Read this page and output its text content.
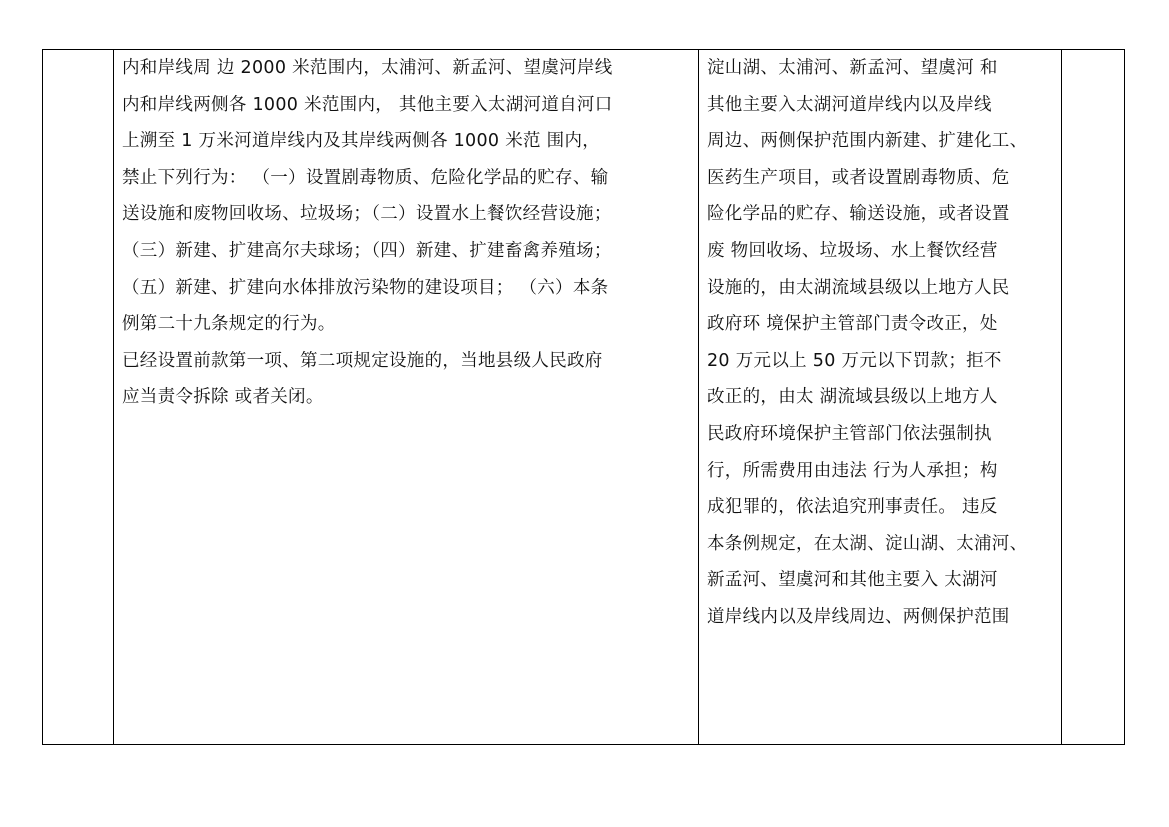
内和岸线周 边 2000 米范围内，太浦河、新孟河、望虞河岸线
内和岸线两侧各 1000 米范围内， 其他主要入太湖河道自河口
上溯至 1 万米河道岸线内及其岸线两侧各 1000 米范 围内，
禁止下列行为： （一）设置剧毒物质、危险化学品的贮存、输
送设施和废物回收场、垃圾场；（二）设置水上餐饮经营设施；
（三）新建、扩建高尔夫球场；（四）新建、扩建畜禽养殖场；
（五）新建、扩建向水体排放污染物的建设项目； （六）本条
例第二十九条规定的行为。
已经设置前款第一项、第二项规定设施的，当地县级人民政府
应当责令拆除 或者关闭。
淀山湖、太浦河、新孟河、望虞河 和
其他主要入太湖河道岸线内以及岸线
周边、两侧保护范围内新建、扩建化工、
医药生产项目，或者设置剧毒物质、危
险化学品的贮存、输送设施，或者设置
废 物回收场、垃圾场、水上餐饮经营
设施的，由太湖流域县级以上地方人民
政府环 境保护主管部门责令改正，处
20 万元以上 50 万元以下罚款；拒不
改正的，由太 湖流域县级以上地方人
民政府环境保护主管部门依法强制执
行，所需费用由违法 行为人承担；构
成犯罪的，依法追究刑事责任。 违反
本条例规定，在太湖、淀山湖、太浦河、
新孟河、望虞河和其他主要入 太湖河
道岸线内以及岸线周边、两侧保护范围
